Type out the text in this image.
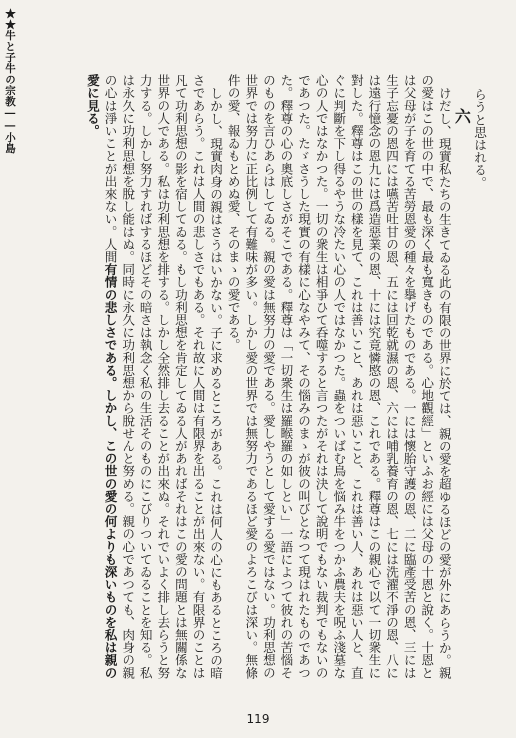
★★牛と子牛の宗教――小島	らうと思はれる。

六

けだし、現實私たちの生きてゐる此の有限の世界に於ては、親の愛を超ゆるほどの愛が外にあらうか。親の愛はこの世の中で、最も深く最も寬きものである。心地觀經」といふお經には父母の十恩と說く。十恩とは父母が子を育てる苦勞恩愛の種々を擧げたものである。一には懷胎守護の恩、二に臨產受苦の恩、三には生子忘憂の恩四には嚥苦吐甘の恩、五には回乾就濕の恩、六には哺乳養育の恩、七には洗濯不淨の恩、八には遠行憶念の恩九には爲造惡業の恩、十には究竟憐愍の恩、これである。釋尊はこの親心で以て一切衆生に對した。釋尊はこの世の樣を見て、これは善いこと、あれは惡いこと、これは善い人、あれは惡い人と、直ぐに判斷を下し得るやうな冷たい心の人ではなかつた。蟲をついばむ鳥を悩み牛をつかふ農夫を呪ふ淺墓な心の人ではなかつた。一切の衆生は相爭ひて呑噬すると言つたがそれは決して說明でもない裁判でもないのであつた。たゞさうした現實の有樣に心なやみて、その惱みのまゝが彼の叫びとなつて現はれたものであつた。釋尊の心の奧底しさがそこである。釋尊は「一切衆生は羅睺羅の如しとい」一語によつて彼れの苦惱そのものを言ひあらはしてゐる。親の愛は無努力の愛である。愛しやうとして愛する愛ではない。功利思想の世界では努力に正比例して有難味が多い。しかし愛の世界では無努力であるほど愛のよろこびは深い。無條件の愛、報ゐもとめぬ愛、そのまゝの愛である。

しかし、現實肉身の親はさうはいかない。子に求めるところがある。これは何人の心にもあるところの暗さであらう。これは人間の悲しさでもある。それ故に人間は有限界を出ることが出來ない。有限界のことは凡て功利思想の影を宿してゐる。もし功利思想を肯定してゐる人があればそれはこの愛の問題とは無關係な世界の人である。私は功利思想を排する。しかし全然排し去ることが出來ぬ。それでいよく排し去らうと努力する。しかし努力すればするほどその暗さは執念く私の生活そのものにこびりついてゐることを知る。私は永久に功利思想を脫し能はぬ。同時に永久に功利思想から脫せんと努める。親の心であつても、肉身の親の心は淨いことが出來ない。人間有情の悲しさである。しかし、この世の愛の何よりも深いものを私は親の愛に見る。

119
